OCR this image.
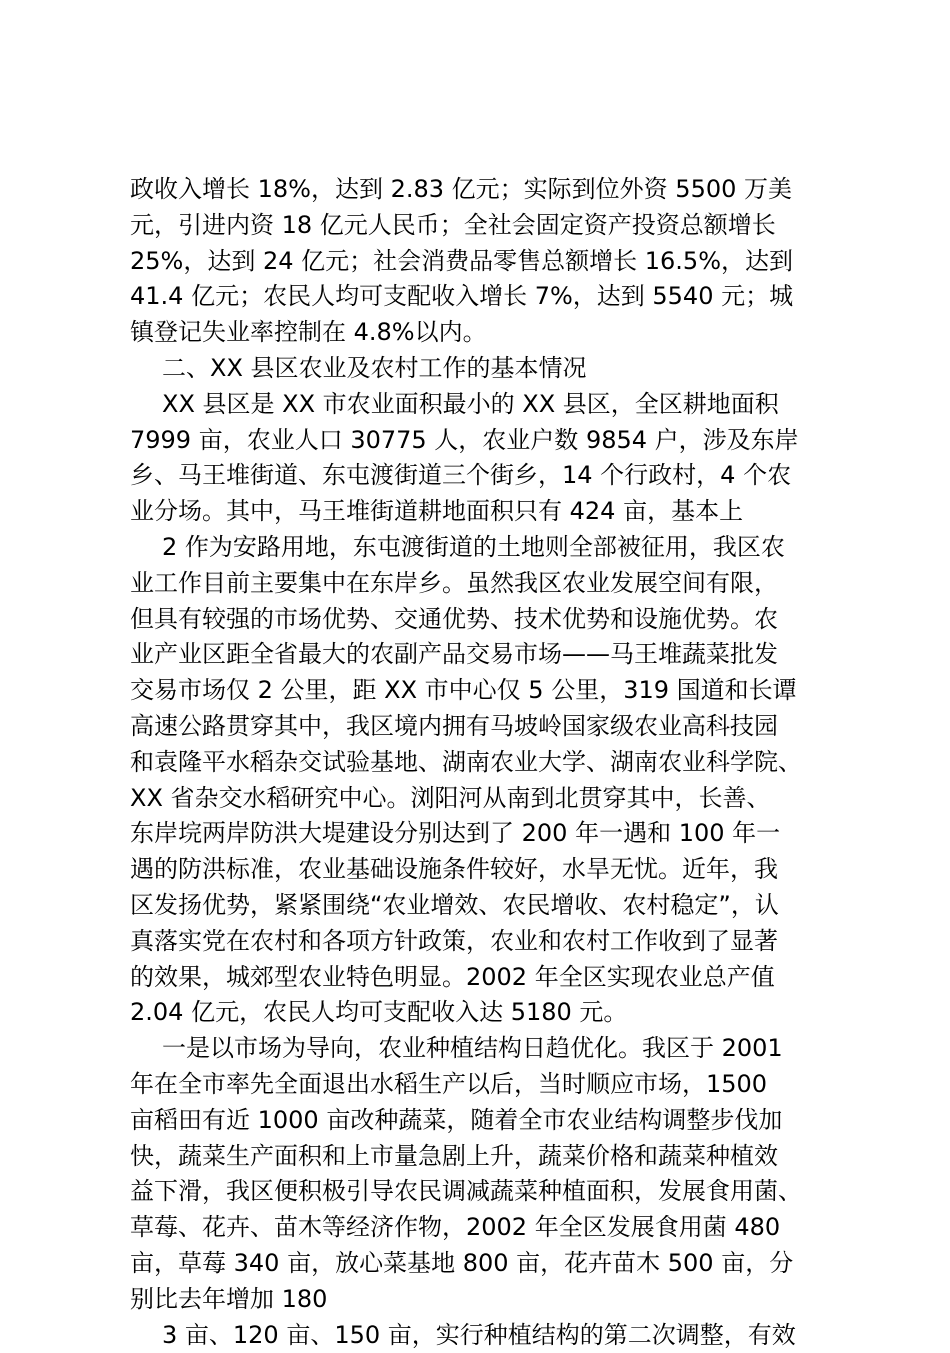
政收入增长 18%，达到 2.83 亿元；实际到位外资 5500 万美
元，引进内资 18 亿元人民币；全社会固定资产投资总额增长
25%，达到 24 亿元；社会消费品零售总额增长 16.5%，达到
41.4 亿元；农民人均可支配收入增长 7%，达到 5540 元；城
镇登记失业率控制在 4.8%以内。
二、XX 县区农业及农村工作的基本情况
XX 县区是 XX 市农业面积最小的 XX 县区，全区耕地面积
7999 亩，农业人口 30775 人，农业户数 9854 户，涉及东岸
乡、马王堆街道、东屯渡街道三个街乡，14 个行政村，4 个农
业分场。其中，马王堆街道耕地面积只有 424 亩，基本上
2 作为安路用地，东屯渡街道的土地则全部被征用，我区农
业工作目前主要集中在东岸乡。虽然我区农业发展空间有限，
但具有较强的市场优势、交通优势、技术优势和设施优势。农
业产业区距全省最大的农副产品交易市场——马王堆蔬菜批发
交易市场仅 2 公里，距 XX 市中心仅 5 公里，319 国道和长谭
高速公路贯穿其中，我区境内拥有马坡岭国家级农业高科技园
和袁隆平水稻杂交试验基地、湖南农业大学、湖南农业科学院、
XX 省杂交水稻研究中心。浏阳河从南到北贯穿其中，长善、
东岸垸两岸防洪大堤建设分别达到了 200 年一遇和 100 年一
遇的防洪标准，农业基础设施条件较好，水旱无忧。近年，我
区发扬优势，紧紧围绕“农业增效、农民增收、农村稳定”，认
真落实党在农村和各项方针政策，农业和农村工作收到了显著
的效果，城郊型农业特色明显。2002 年全区实现农业总产值
2.04 亿元，农民人均可支配收入达 5180 元。
一是以市场为导向，农业种植结构日趋优化。我区于 2001
年在全市率先全面退出水稻生产以后，当时顺应市场，1500
亩稻田有近 1000 亩改种蔬菜，随着全市农业结构调整步伐加
快，蔬菜生产面积和上市量急剧上升，蔬菜价格和蔬菜种植效
益下滑，我区便积极引导农民调减蔬菜种植面积，发展食用菌、
草莓、花卉、苗木等经济作物，2002 年全区发展食用菌 480
亩，草莓 340 亩，放心菜基地 800 亩，花卉苗木 500 亩，分
别比去年增加 180
3 亩、120 亩、150 亩，实行种植结构的第二次调整，有效
